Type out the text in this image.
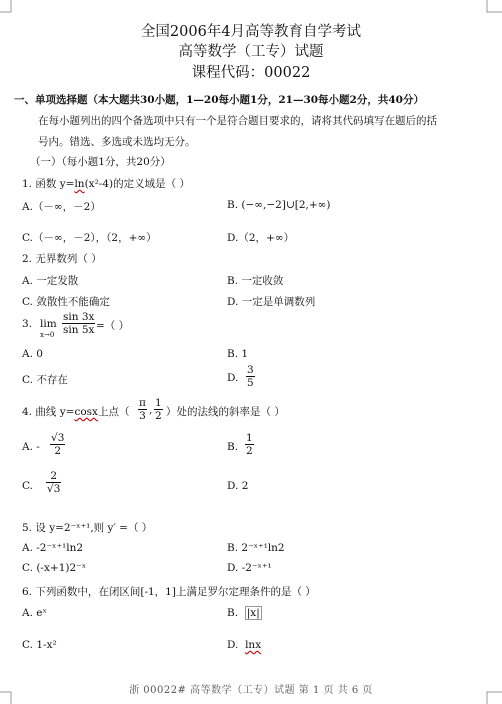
全国2006年4月高等教育自学考试
高等数学（工专）试题
课程代码：00022
一、单项选择题（本大题共30小题，1—20每小题1分，21—30每小题2分，共40分）
在每小题列出的四个备选项中只有一个是符合题目要求的，请将其代码填写在题后的括
号内。错选、多选或未选均无分。
（一）（每小题1分，共20分）
1. 函数 y=ln(x²-4)的定义域是（ ）
A.（－∞，－2）	B. (−∞,−2]∪[2,+∞)
C.（－∞，－2），（2，+∞）	D.（2，+∞）
2. 无界数列（ ）
A. 一定发散	B. 一定收敛
C. 敛散性不能确定	D. 一定是单调数列
3. lim
$x\to 0 \frac{\sin 3x}{\sin 5x}$ =（ ）
A. 0	B. 1
C. 不存在	D. $\frac{3}{5}$
4. 曲线 y=cosx上点（ $\frac{\pi}{3}$ , $\frac{1}{2}$ ）处的法线的斜率是（ ）
A. - $\frac{√3}{2}$	B. $\frac{1}{2}$
C. $\frac{2}{√3}$	D. 2
5. 设 y=2⁻ˣ⁺¹,则 y′ =（ ）
A. -2⁻ˣ⁺¹ln2	B. 2⁻ˣ⁺¹ln2
C. (-x+1)2⁻ˣ	D. -2⁻ˣ⁺¹
6. 下列函数中，在闭区间[-1，1]上满足罗尔定理条件的是（ ）
A. eˣ	B. |x|
C. 1-x²	D. lnx
浙 00022# 高等数学（工专）试题 第 1 页 共 6 页
